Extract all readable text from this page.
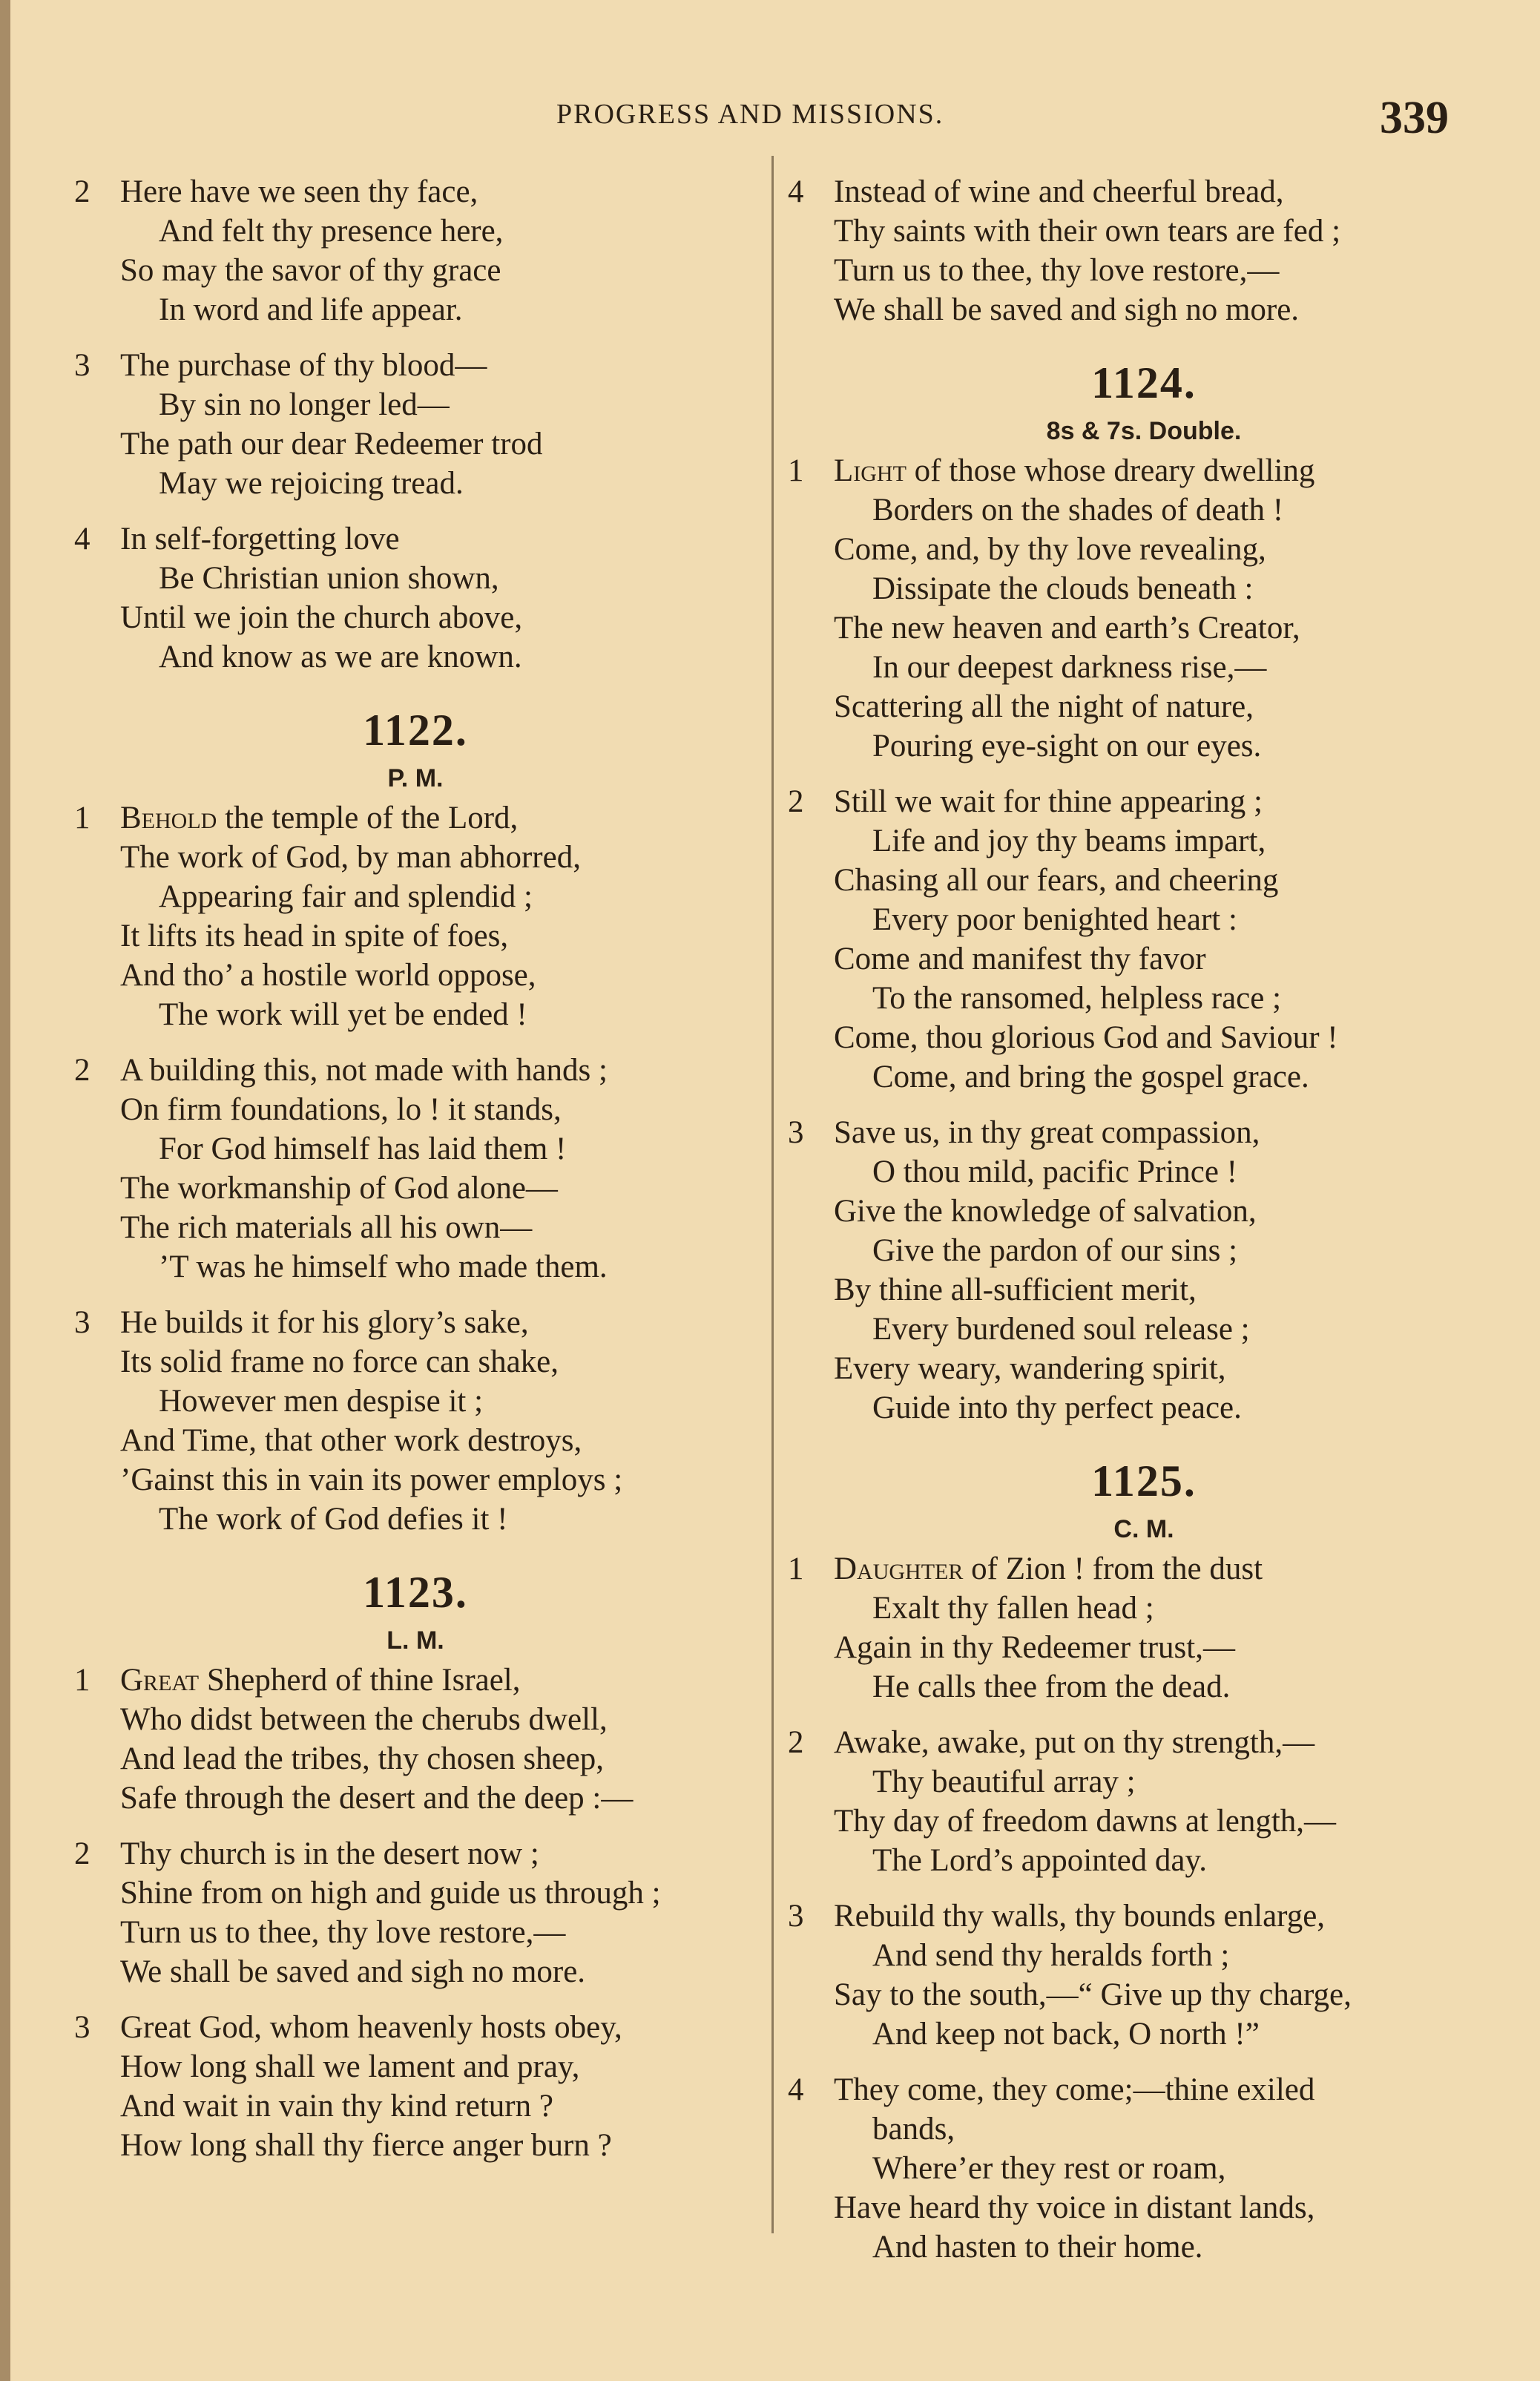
PROGRESS AND MISSIONS.	339
2 Here have we seen thy face,
And felt thy presence here,
So may the savor of thy grace
In word and life appear.
3 The purchase of thy blood—
By sin no longer led—
The path our dear Redeemer trod
May we rejoicing tread.
4 In self-forgetting love
Be Christian union shown,
Until we join the church above,
And know as we are known.
1122.
P. M.
1 Behold the temple of the Lord,
The work of God, by man abhorred,
Appearing fair and splendid ;
It lifts its head in spite of foes,
And tho’ a hostile world oppose,
The work will yet be ended !
2 A building this, not made with hands ;
On firm foundations, lo ! it stands,
For God himself has laid them !
The workmanship of God alone—
The rich materials all his own—
’T was he himself who made them.
3 He builds it for his glory’s sake,
Its solid frame no force can shake,
However men despise it ;
And Time, that other work destroys,
’Gainst this in vain its power employs ;
The work of God defies it !
1123.
L. M.
1 Great Shepherd of thine Israel,
Who didst between the cherubs dwell,
And lead the tribes, thy chosen sheep,
Safe through the desert and the deep :—
2 Thy church is in the desert now ;
Shine from on high and guide us through ;
Turn us to thee, thy love restore,—
We shall be saved and sigh no more.
3 Great God, whom heavenly hosts obey,
How long shall we lament and pray,
And wait in vain thy kind return ?
How long shall thy fierce anger burn ?
4 Instead of wine and cheerful bread,
Thy saints with their own tears are fed ;
Turn us to thee, thy love restore,—
We shall be saved and sigh no more.
1124.
8s & 7s. Double.
1 Light of those whose dreary dwelling
Borders on the shades of death !
Come, and, by thy love revealing,
Dissipate the clouds beneath :
The new heaven and earth’s Creator,
In our deepest darkness rise,—
Scattering all the night of nature,
Pouring eye-sight on our eyes.
2 Still we wait for thine appearing ;
Life and joy thy beams impart,
Chasing all our fears, and cheering
Every poor benighted heart :
Come and manifest thy favor
To the ransomed, helpless race ;
Come, thou glorious God and Saviour !
Come, and bring the gospel grace.
3 Save us, in thy great compassion,
O thou mild, pacific Prince !
Give the knowledge of salvation,
Give the pardon of our sins ;
By thine all-sufficient merit,
Every burdened soul release ;
Every weary, wandering spirit,
Guide into thy perfect peace.
1125.
C. M.
1 Daughter of Zion ! from the dust
Exalt thy fallen head ;
Again in thy Redeemer trust,—
He calls thee from the dead.
2 Awake, awake, put on thy strength,—
Thy beautiful array ;
Thy day of freedom dawns at length,—
The Lord’s appointed day.
3 Rebuild thy walls, thy bounds enlarge,
And send thy heralds forth ;
Say to the south,—“ Give up thy charge,
And keep not back, O north !”
4 They come, they come;—thine exiled
bands,
Where’er they rest or roam,
Have heard thy voice in distant lands,
And hasten to their home.
